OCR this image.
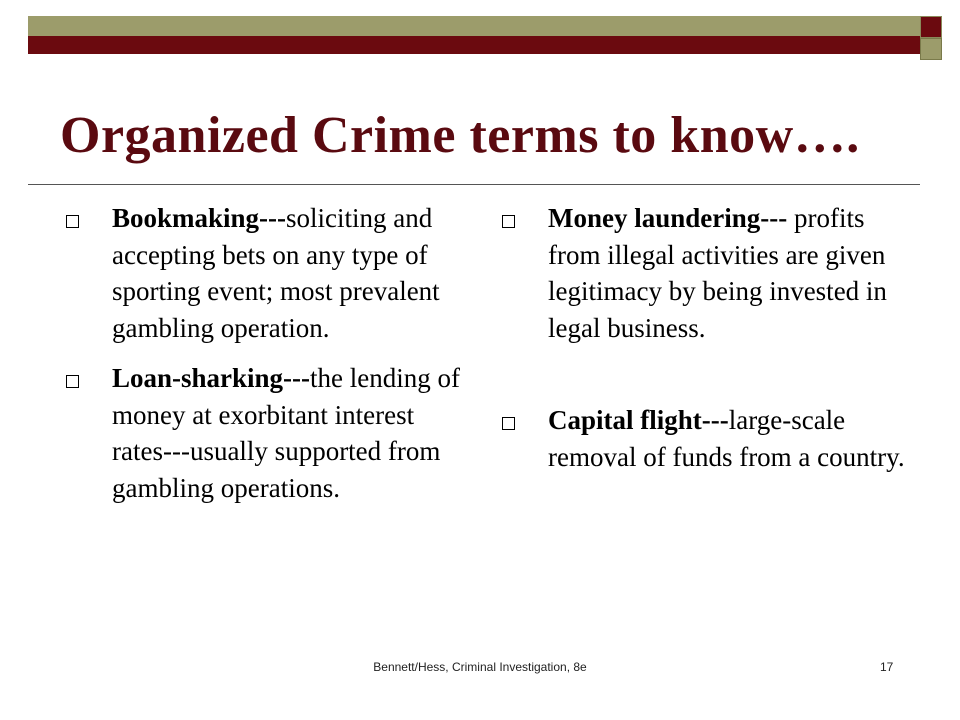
Organized Crime terms to know….
Bookmaking---soliciting and accepting bets on any type of sporting event; most prevalent gambling operation.
Loan-sharking---the lending of money at exorbitant interest rates---usually supported from gambling operations.
Money laundering--- profits from illegal activities are given legitimacy by being invested in legal business.
Capital flight---large-scale removal of funds from a country.
Bennett/Hess, Criminal Investigation, 8e	17
